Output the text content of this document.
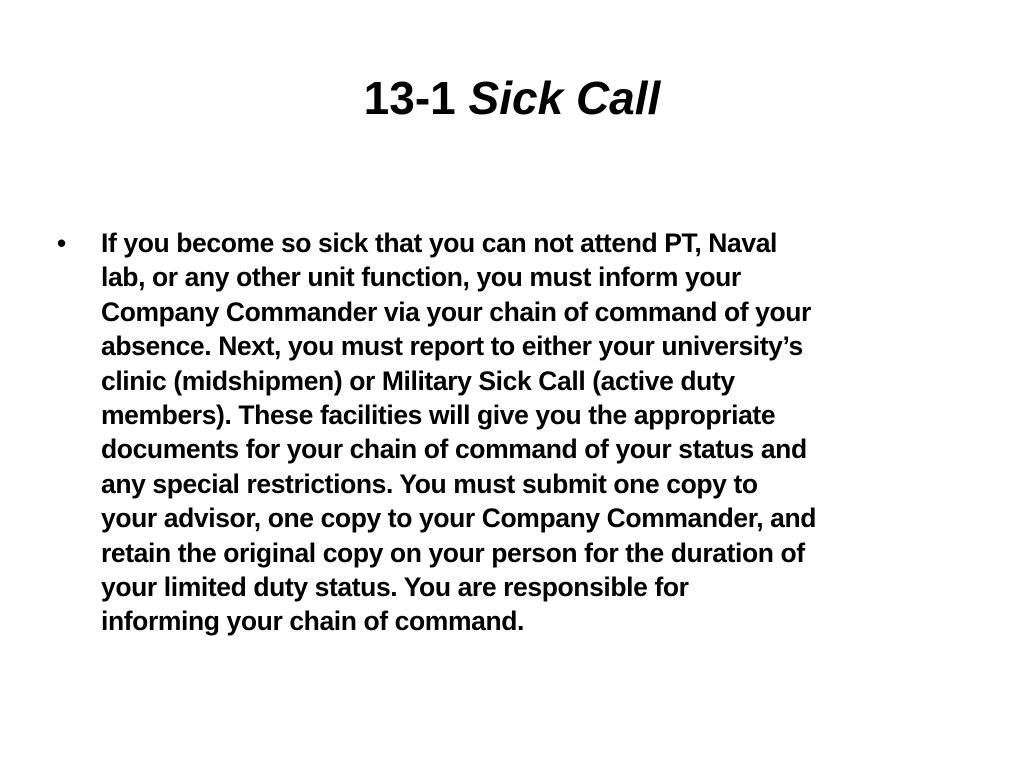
13-1 Sick Call
•	If you become so sick that you can not attend PT, Naval
lab, or any other unit function, you must inform your
Company Commander via your chain of command of your
absence. Next, you must report to either your university’s
clinic (midshipmen) or Military Sick Call (active duty
members). These facilities will give you the appropriate
documents for your chain of command of your status and
any special restrictions. You must submit one copy to
your advisor, one copy to your Company Commander, and
retain the original copy on your person for the duration of
your limited duty status. You are responsible for
informing your chain of command.
